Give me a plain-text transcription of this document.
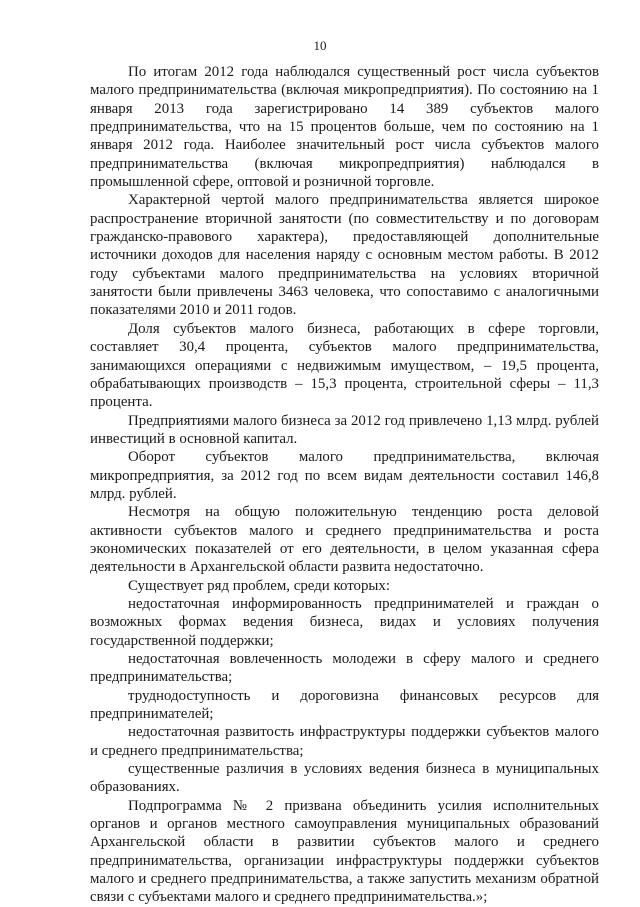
10

По итогам 2012 года наблюдался существенный рост числа субъектов малого предпринимательства (включая микропредприятия). По состоянию на 1 января 2013 года зарегистрировано 14 389 субъектов малого предпринимательства, что на 15 процентов больше, чем по состоянию на 1 января 2012 года. Наиболее значительный рост числа субъектов малого предпринимательства (включая микропредприятия) наблюдался в промышленной сфере, оптовой и розничной торговле.

Характерной чертой малого предпринимательства является широкое распространение вторичной занятости (по совместительству и по договорам гражданско-правового характера), предоставляющей дополнительные источники доходов для населения наряду с основным местом работы. В 2012 году субъектами малого предпринимательства на условиях вторичной занятости были привлечены 3463 человека, что сопоставимо с аналогичными показателями 2010 и 2011 годов.

Доля субъектов малого бизнеса, работающих в сфере торговли, составляет 30,4 процента, субъектов малого предпринимательства, занимающихся операциями с недвижимым имуществом, – 19,5 процента, обрабатывающих производств – 15,3 процента, строительной сферы – 11,3 процента.

Предприятиями малого бизнеса за 2012 год привлечено 1,13 млрд. рублей инвестиций в основной капитал.

Оборот субъектов малого предпринимательства, включая микропредприятия, за 2012 год по всем видам деятельности составил 146,8 млрд. рублей.

Несмотря на общую положительную тенденцию роста деловой активности субъектов малого и среднего предпринимательства и роста экономических показателей от его деятельности, в целом указанная сфера деятельности в Архангельской области развита недостаточно.

Существует ряд проблем, среди которых:

недостаточная информированность предпринимателей и граждан о возможных формах ведения бизнеса, видах и условиях получения государственной поддержки;

недостаточная вовлеченность молодежи в сферу малого и среднего предпринимательства;

труднодоступность и дороговизна финансовых ресурсов для предпринимателей;

недостаточная развитость инфраструктуры поддержки субъектов малого и среднего предпринимательства;

существенные различия в условиях ведения бизнеса в муниципальных образованиях.

Подпрограмма № 2 призвана объединить усилия исполнительных органов и органов местного самоуправления муниципальных образований Архангельской области в развитии субъектов малого и среднего предпринимательства, организации инфраструктуры поддержки субъектов малого и среднего предпринимательства, а также запустить механизм обратной связи с субъектами малого и среднего предпринимательства.»;
